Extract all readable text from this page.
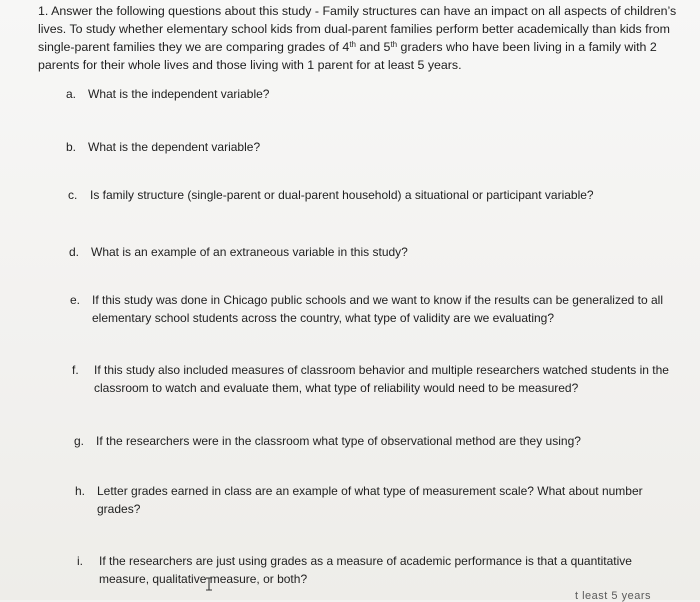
1. Answer the following questions about this study - Family structures can have an impact on all aspects of children’s lives. To study whether elementary school kids from dual-parent families perform better academically than kids from single-parent families they we are comparing grades of 4th and 5th graders who have been living in a family with 2 parents for their whole lives and those living with 1 parent for at least 5 years.
a. What is the independent variable?
b. What is the dependent variable?
c. Is family structure (single-parent or dual-parent household) a situational or participant variable?
d. What is an example of an extraneous variable in this study?
e. If this study was done in Chicago public schools and we want to know if the results can be generalized to all elementary school students across the country, what type of validity are we evaluating?
f. If this study also included measures of classroom behavior and multiple researchers watched students in the classroom to watch and evaluate them, what type of reliability would need to be measured?
g. If the researchers were in the classroom what type of observational method are they using?
h. Letter grades earned in class are an example of what type of measurement scale? What about number grades?
i. If the researchers are just using grades as a measure of academic performance is that a quantitative measure, qualitative measure, or both?
t least 5 years
